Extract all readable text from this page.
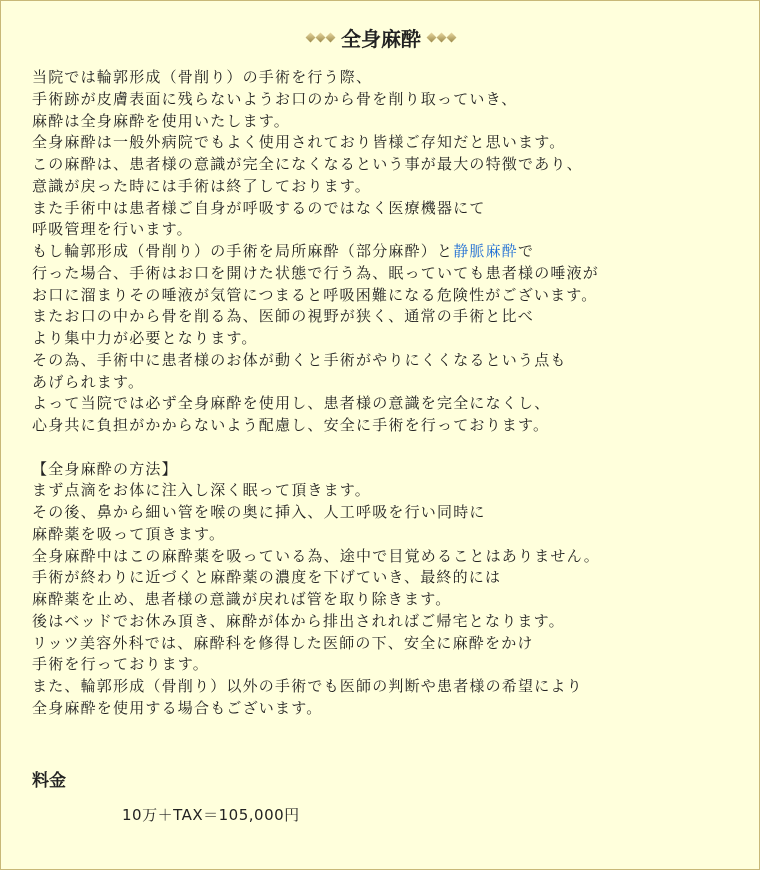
全身麻酔
当院では輪郭形成（骨削り）の手術を行う際、
手術跡が皮膚表面に残らないようお口のから骨を削り取っていき、
麻酔は全身麻酔を使用いたします。
全身麻酔は一般外病院でもよく使用されており皆様ご存知だと思います。
この麻酔は、患者様の意識が完全になくなるという事が最大の特徴であり、
意識が戻った時には手術は終了しております。
また手術中は患者様ご自身が呼吸するのではなく医療機器にて
呼吸管理を行います。
もし輪郭形成（骨削り）の手術を局所麻酔（部分麻酔）と静脈麻酔で
行った場合、手術はお口を開けた状態で行う為、眠っていても患者様の唾液が
お口に溜まりその唾液が気管につまると呼吸困難になる危険性がございます。
またお口の中から骨を削る為、医師の視野が狭く、通常の手術と比べ
より集中力が必要となります。
その為、手術中に患者様のお体が動くと手術がやりにくくなるという点も
あげられます。
よって当院では必ず全身麻酔を使用し、患者様の意識を完全になくし、
心身共に負担がかからないよう配慮し、安全に手術を行っております。
【全身麻酔の方法】
まず点滴をお体に注入し深く眠って頂きます。
その後、鼻から細い管を喉の奥に挿入、人工呼吸を行い同時に
麻酔薬を吸って頂きます。
全身麻酔中はこの麻酔薬を吸っている為、途中で目覚めることはありません。
手術が終わりに近づくと麻酔薬の濃度を下げていき、最終的には
麻酔薬を止め、患者様の意識が戻れば管を取り除きます。
後はベッドでお休み頂き、麻酔が体から排出されればご帰宅となります。
リッツ美容外科では、麻酔科を修得した医師の下、安全に麻酔をかけ
手術を行っております。
また、輪郭形成（骨削り）以外の手術でも医師の判断や患者様の希望により
全身麻酔を使用する場合もございます。
料金
10万＋TAX＝105,000円
